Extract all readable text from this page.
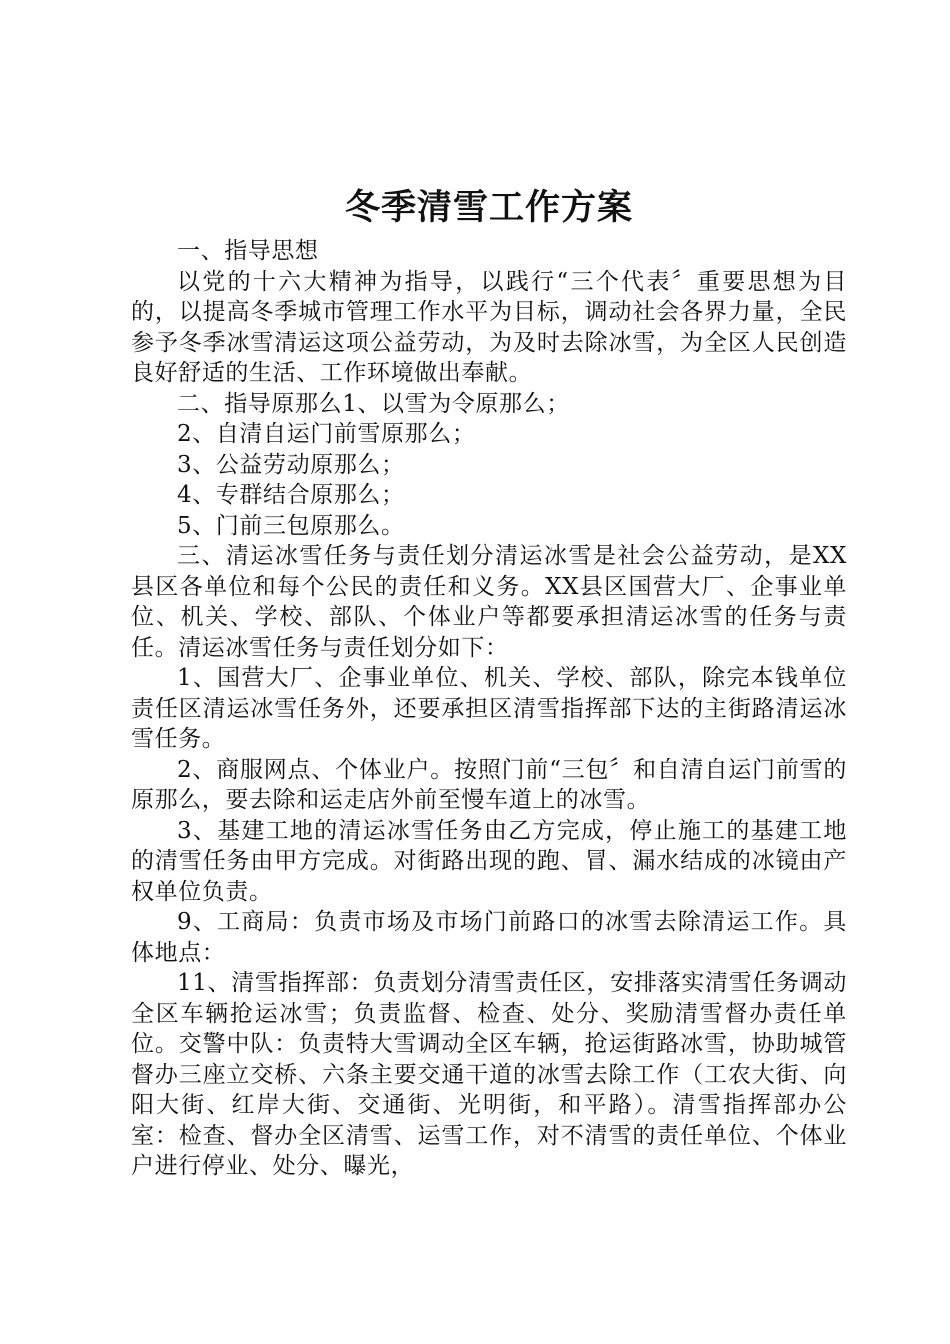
冬季清雪工作方案

一、指导思想

以党的十六大精神为指导，以践行“三个代表〞重要思想为目的，以提高冬季城市管理工作水平为目标，调动社会各界力量，全民参予冬季冰雪清运这项公益劳动，为及时去除冰雪，为全区人民创造良好舒适的生活、工作环境做出奉献。

二、指导原那么1、以雪为令原那么；

2、自清自运门前雪原那么；

3、公益劳动原那么；

4、专群结合原那么；

5、门前三包原那么。

三、清运冰雪任务与责任划分清运冰雪是社会公益劳动，是XX县区各单位和每个公民的责任和义务。XX县区国营大厂、企事业单位、机关、学校、部队、个体业户等都要承担清运冰雪的任务与责任。清运冰雪任务与责任划分如下：

1、国营大厂、企事业单位、机关、学校、部队，除完本钱单位责任区清运冰雪任务外，还要承担区清雪指挥部下达的主街路清运冰雪任务。

2、商服网点、个体业户。按照门前“三包〞和自清自运门前雪的原那么，要去除和运走店外前至慢车道上的冰雪。

3、基建工地的清运冰雪任务由乙方完成，停止施工的基建工地的清雪任务由甲方完成。对街路出现的跑、冒、漏水结成的冰镜由产权单位负责。

9、工商局：负责市场及市场门前路口的冰雪去除清运工作。具体地点：

11、清雪指挥部：负责划分清雪责任区，安排落实清雪任务调动全区车辆抢运冰雪；负责监督、检查、处分、奖励清雪督办责任单位。交警中队：负责特大雪调动全区车辆，抢运街路冰雪，协助城管督办三座立交桥、六条主要交通干道的冰雪去除工作（工农大街、向阳大街、红岸大街、交通街、光明街，和平路）。清雪指挥部办公室：检查、督办全区清雪、运雪工作，对不清雪的责任单位、个体业户进行停业、处分、曝光，
